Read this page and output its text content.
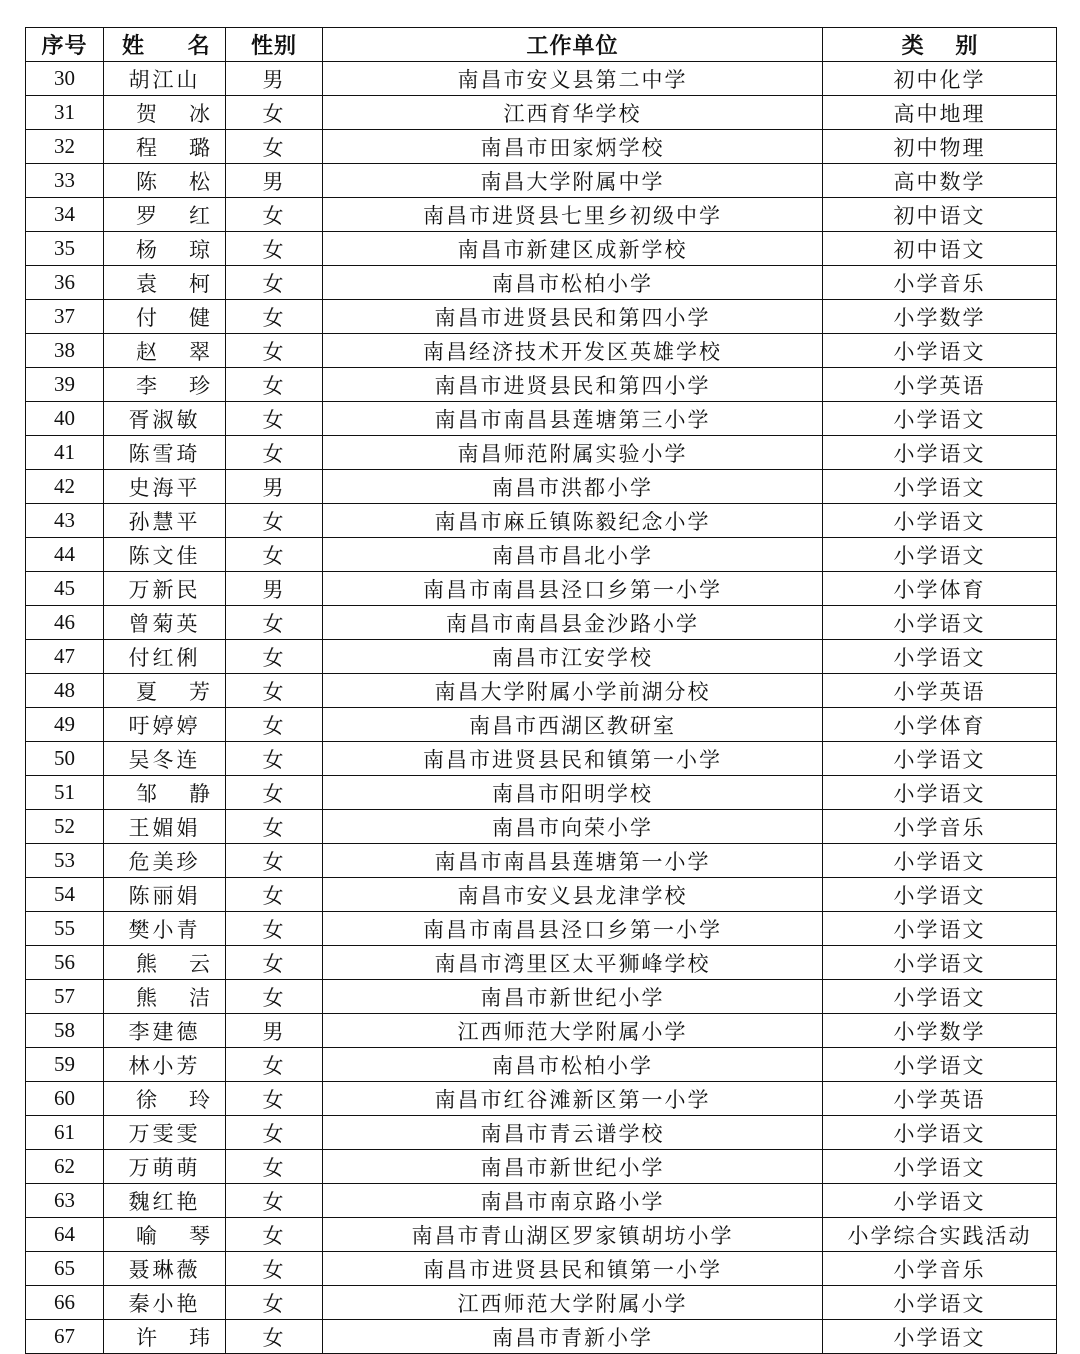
序号	姓 名	性别	工作单位	类 别
30	胡江山	男	南昌市安义县第二中学	初中化学
31	贺冰	女	江西育华学校	高中地理
32	程璐	女	南昌市田家炳学校	初中物理
33	陈松	男	南昌大学附属中学	高中数学
34	罗红	女	南昌市进贤县七里乡初级中学	初中语文
35	杨琼	女	南昌市新建区成新学校	初中语文
36	袁柯	女	南昌市松柏小学	小学音乐
37	付健	女	南昌市进贤县民和第四小学	小学数学
38	赵翠	女	南昌经济技术开发区英雄学校	小学语文
39	李珍	女	南昌市进贤县民和第四小学	小学英语
40	胥淑敏	女	南昌市南昌县莲塘第三小学	小学语文
41	陈雪琦	女	南昌师范附属实验小学	小学语文
42	史海平	男	南昌市洪都小学	小学语文
43	孙慧平	女	南昌市麻丘镇陈毅纪念小学	小学语文
44	陈文佳	女	南昌市昌北小学	小学语文
45	万新民	男	南昌市南昌县泾口乡第一小学	小学体育
46	曾菊英	女	南昌市南昌县金沙路小学	小学语文
47	付红俐	女	南昌市江安学校	小学语文
48	夏芳	女	南昌大学附属小学前湖分校	小学英语
49	吁婷婷	女	南昌市西湖区教研室	小学体育
50	吴冬连	女	南昌市进贤县民和镇第一小学	小学语文
51	邹静	女	南昌市阳明学校	小学语文
52	王媚娟	女	南昌市向荣小学	小学音乐
53	危美珍	女	南昌市南昌县莲塘第一小学	小学语文
54	陈丽娟	女	南昌市安义县龙津学校	小学语文
55	樊小青	女	南昌市南昌县泾口乡第一小学	小学语文
56	熊云	女	南昌市湾里区太平狮峰学校	小学语文
57	熊洁	女	南昌市新世纪小学	小学语文
58	李建德	男	江西师范大学附属小学	小学数学
59	林小芳	女	南昌市松柏小学	小学语文
60	徐玲	女	南昌市红谷滩新区第一小学	小学英语
61	万雯雯	女	南昌市青云谱学校	小学语文
62	万萌萌	女	南昌市新世纪小学	小学语文
63	魏红艳	女	南昌市南京路小学	小学语文
64	喻琴	女	南昌市青山湖区罗家镇胡坊小学	小学综合实践活动
65	聂琳薇	女	南昌市进贤县民和镇第一小学	小学音乐
66	秦小艳	女	江西师范大学附属小学	小学语文
67	许玮	女	南昌市青新小学	小学语文
